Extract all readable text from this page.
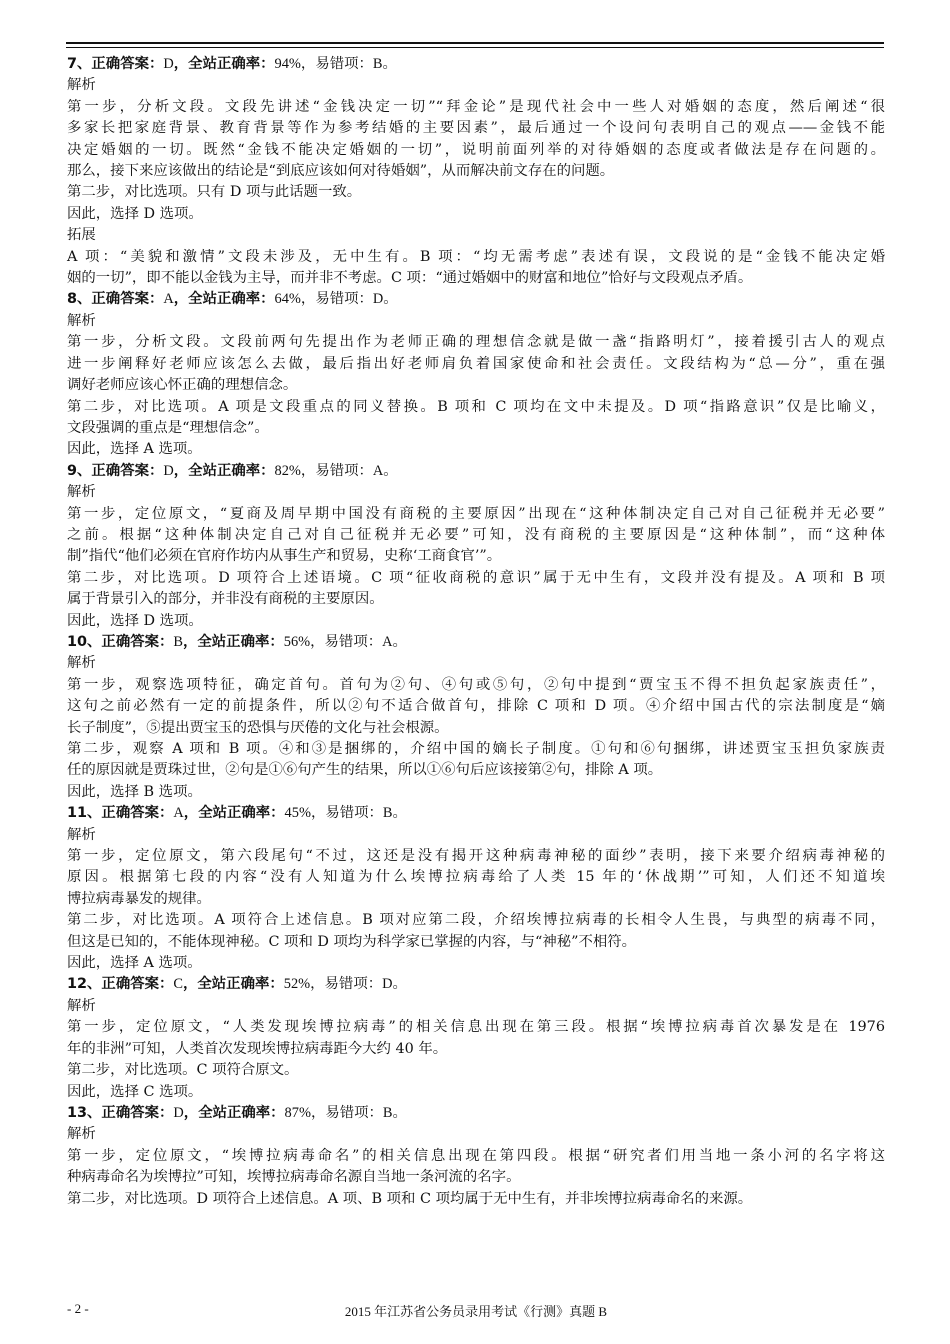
7、正确答案：D，全站正确率：94%，易错项：B。

解析

第一步，分析文段。文段先讲述“金钱决定一切”“拜金论”是现代社会中一些人对婚姻的态度，然后阐述“很

多家长把家庭背景、教育背景等作为参考结婚的主要因素”，最后通过一个设问句表明自己的观点——金钱不能

决定婚姻的一切。既然“金钱不能决定婚姻的一切”，说明前面列举的对待婚姻的态度或者做法是存在问题的。

那么，接下来应该做出的结论是“到底应该如何对待婚姻”，从而解决前文存在的问题。

第二步，对比选项。只有 D 项与此话题一致。

因此，选择 D 选项。

拓展

A 项：“美貌和激情”文段未涉及，无中生有。B 项：“均无需考虑”表述有误，文段说的是“金钱不能决定婚

姻的一切”，即不能以金钱为主导，而并非不考虑。C 项：“通过婚姻中的财富和地位”恰好与文段观点矛盾。

8、正确答案：A，全站正确率：64%，易错项：D。

解析

第一步，分析文段。文段前两句先提出作为老师正确的理想信念就是做一盏“指路明灯”，接着援引古人的观点

进一步阐释好老师应该怎么去做，最后指出好老师肩负着国家使命和社会责任。文段结构为“总—分”，重在强

调好老师应该心怀正确的理想信念。

第二步，对比选项。A 项是文段重点的同义替换。B 项和 C 项均在文中未提及。D 项“指路意识”仅是比喻义，

文段强调的重点是“理想信念”。

因此，选择 A 选项。

9、正确答案：D，全站正确率：82%，易错项：A。

解析

第一步，定位原文，“夏商及周早期中国没有商税的主要原因”出现在“这种体制决定自己对自己征税并无必要”

之前。根据“这种体制决定自己对自己征税并无必要”可知，没有商税的主要原因是“这种体制”，而“这种体

制”指代“他们必须在官府作坊内从事生产和贸易，史称‘工商食官’”。

第二步，对比选项。D 项符合上述语境。C 项“征收商税的意识”属于无中生有，文段并没有提及。A 项和 B 项

属于背景引入的部分，并非没有商税的主要原因。

因此，选择 D 选项。

10、正确答案：B，全站正确率：56%，易错项：A。

解析

第一步，观察选项特征，确定首句。首句为②句、④句或⑤句，②句中提到“贾宝玉不得不担负起家族责任”，

这句之前必然有一定的前提条件，所以②句不适合做首句，排除 C 项和 D 项。④介绍中国古代的宗法制度是“嫡

长子制度”，⑤提出贾宝玉的恐惧与厌倦的文化与社会根源。

第二步，观察 A 项和 B 项。④和③是捆绑的，介绍中国的嫡长子制度。①句和⑥句捆绑，讲述贾宝玉担负家族责

任的原因就是贾珠过世，②句是①⑥句产生的结果，所以①⑥句后应该接第②句，排除 A 项。

因此，选择 B 选项。

11、正确答案：A，全站正确率：45%，易错项：B。

解析

第一步，定位原文，第六段尾句“不过，这还是没有揭开这种病毒神秘的面纱”表明，接下来要介绍病毒神秘的

原因。根据第七段的内容“没有人知道为什么埃博拉病毒给了人类 15 年的‘休战期’”可知，人们还不知道埃

博拉病毒暴发的规律。

第二步，对比选项。A 项符合上述信息。B 项对应第二段，介绍埃博拉病毒的长相令人生畏，与典型的病毒不同，

但这是已知的，不能体现神秘。C 项和 D 项均为科学家已掌握的内容，与“神秘”不相符。

因此，选择 A 选项。

12、正确答案：C，全站正确率：52%，易错项：D。

解析

第一步，定位原文，“人类发现埃博拉病毒”的相关信息出现在第三段。根据“埃博拉病毒首次暴发是在 1976

年的非洲”可知，人类首次发现埃博拉病毒距今大约 40 年。

第二步，对比选项。C 项符合原文。

因此，选择 C 选项。

13、正确答案：D，全站正确率：87%，易错项：B。

解析

第一步，定位原文，“埃博拉病毒命名”的相关信息出现在第四段。根据“研究者们用当地一条小河的名字将这

种病毒命名为埃博拉”可知，埃博拉病毒命名源自当地一条河流的名字。

第二步，对比选项。D 项符合上述信息。A 项、B 项和 C 项均属于无中生有，并非埃博拉病毒命名的来源。

- 2 -	2015 年江苏省公务员录用考试《行测》真题 B
